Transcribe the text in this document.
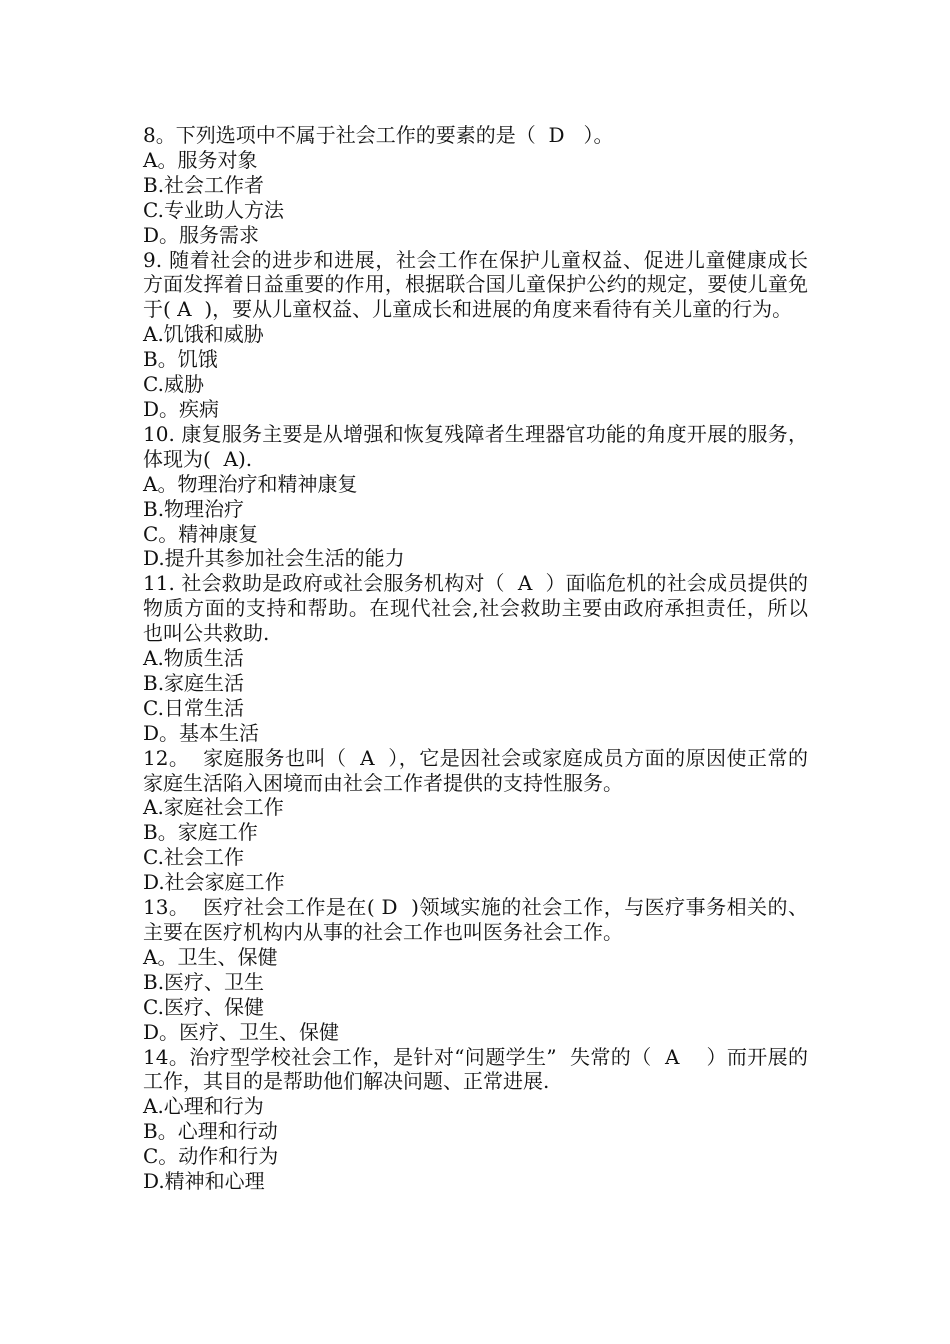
8。下列选项中不属于社会工作的要素的是（  D   ）。

A。服务对象

B.社会工作者

C.专业助人方法

D。服务需求

9. 随着社会的进步和进展，社会工作在保护儿童权益、促进儿童健康成长方面发挥着日益重要的作用，根据联合国儿童保护公约的规定，要使儿童免于( A  )，要从儿童权益、儿童成长和进展的角度来看待有关儿童的行为。

A.饥饿和威胁

B。饥饿

C.威胁

D。疾病

10. 康复服务主要是从增强和恢复残障者生理器官功能的角度开展的服务，体现为(  A).

A。物理治疗和精神康复

B.物理治疗

C。精神康复

D.提升其参加社会生活的能力

11. 社会救助是政府或社会服务机构对（  A  ）面临危机的社会成员提供的物质方面的支持和帮助。在现代社会,社会救助主要由政府承担责任，所以也叫公共救助.

A.物质生活

B.家庭生活

C.日常生活

D。基本生活

12。  家庭服务也叫（  A  ），它是因社会或家庭成员方面的原因使正常的家庭生活陷入困境而由社会工作者提供的支持性服务。

A.家庭社会工作

B。家庭工作

C.社会工作

D.社会家庭工作

13。  医疗社会工作是在( D  )领域实施的社会工作，与医疗事务相关的、主要在医疗机构内从事的社会工作也叫医务社会工作。

A。卫生、保健

B.医疗、卫生

C.医疗、保健

D。医疗、卫生、保健

14。治疗型学校社会工作，是针对“问题学生”  失常的（  A    ）而开展的工作，其目的是帮助他们解决问题、正常进展.

A.心理和行为

B。心理和行动

C。动作和行为

D.精神和心理
